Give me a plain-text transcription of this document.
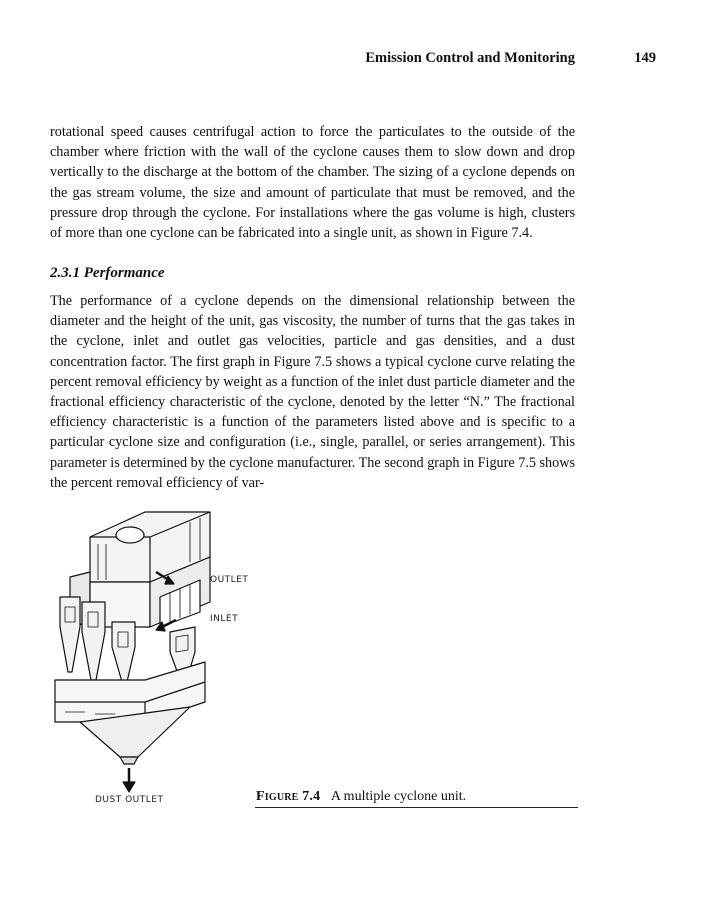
Emission Control and Monitoring	149

rotational speed causes centrifugal action to force the particulates to the outside of the chamber where friction with the wall of the cyclone causes them to slow down and drop vertically to the discharge at the bottom of the chamber. The sizing of a cyclone depends on the gas stream volume, the size and amount of particulate that must be removed, and the pressure drop through the cyclone. For installations where the gas volume is high, clusters of more than one cyclone can be fabricated into a single unit, as shown in Figure 7.4.

2.3.1 Performance

The performance of a cyclone depends on the dimensional relationship between the diameter and the height of the unit, gas viscosity, the number of turns that the gas takes in the cyclone, inlet and outlet gas velocities, particle and gas densities, and a dust concentration factor. The first graph in Figure 7.5 shows a typical cyclone curve relating the percent removal efficiency by weight as a function of the inlet dust particle diameter and the fractional efficiency characteristic of the cyclone, denoted by the letter “N.” The fractional efficiency characteristic is a function of the parameters listed above and is specific to a particular cyclone size and configuration (i.e., single, parallel, or series arrangement). This parameter is determined by the cyclone manufacturer. The second graph in Figure 7.5 shows the percent removal efficiency of var-

OUTLET
INLET
DUST OUTLET	Figure 7.4 A multiple cyclone unit.
